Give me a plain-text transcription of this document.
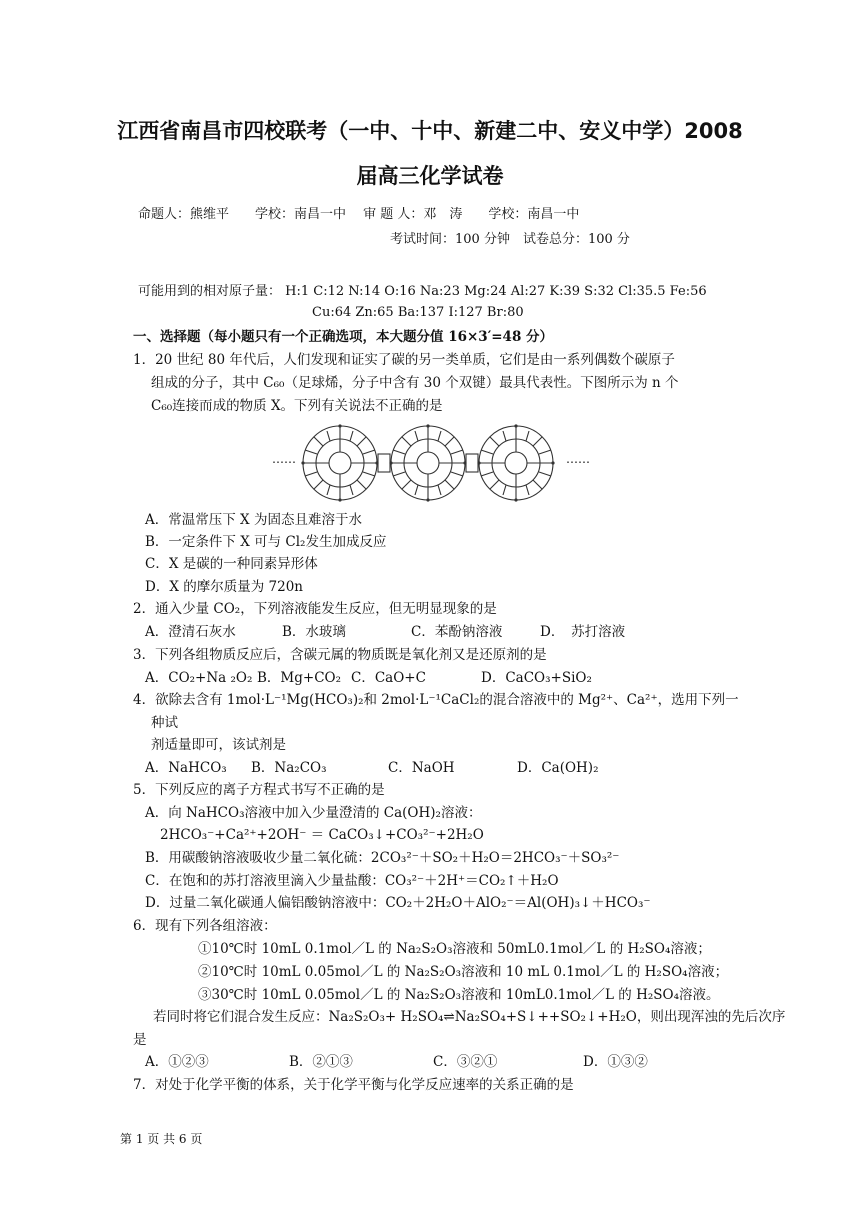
江西省南昌市四校联考（一中、十中、新建二中、安义中学）2008
届高三化学试卷
命题人：熊维平　　学校：南昌一中　 审 题 人：邓　涛　　学校：南昌一中
考试时间：100 分钟　试卷总分：100 分
可能用到的相对原子量： H:1 C:12 N:14 O:16 Na:23 Mg:24 Al:27 K:39 S:32 Cl:35.5 Fe:56
Cu:64 Zn:65 Ba:137 I:127 Br:80
一、选择题（每小题只有一个正确选项，本大题分值 16×3′=48 分）
1．20 世纪 80 年代后，人们发现和证实了碳的另一类单质，它们是由一系列偶数个碳原子
组成的分子，其中 C₆₀（足球烯，分子中含有 30 个双键）最具代表性。下图所示为 n 个
C₆₀连接而成的物质 X。下列有关说法不正确的是
……	……
A．常温常压下 X 为固态且难溶于水
B．一定条件下 X 可与 Cl₂发生加成反应
C．X 是碳的一种同素异形体
D．X 的摩尔质量为 720n
2．通入少量 CO₂，下列溶液能发生反应，但无明显现象的是
A．澄清石灰水	B．水玻璃	C．苯酚钠溶液	D．　苏打溶液
3．下列各组物质反应后，含碳元属的物质既是氧化剂又是还原剂的是
A．CO₂+Na ₂O₂ B．Mg+CO₂ C．CaO+C	D．CaCO₃+SiO₂
4．欲除去含有 1mol·L⁻¹Mg(HCO₃)₂和 2mol·L⁻¹CaCl₂的混合溶液中的 Mg²⁺、Ca²⁺，选用下列一
种试
剂适量即可，该试剂是
A．NaHCO₃ B．Na₂CO₃	C．NaOH	D．Ca(OH)₂
5．下列反应的离子方程式书写不正确的是
A．向 NaHCO₃溶液中加入少量澄清的 Ca(OH)₂溶液：
2HCO₃⁻+Ca²⁺+2OH⁻ ＝ CaCO₃↓+CO₃²⁻+2H₂O
B．用碳酸钠溶液吸收少量二氧化硫：2CO₃²⁻＋SO₂＋H₂O＝2HCO₃⁻＋SO₃²⁻
C．在饱和的苏打溶液里滴入少量盐酸：CO₃²⁻＋2H⁺＝CO₂↑＋H₂O
D．过量二氧化碳通人偏铝酸钠溶液中：CO₂＋2H₂O＋AlO₂⁻＝Al(OH)₃↓＋HCO₃⁻
6．现有下列各组溶液：
①10℃时 10mL 0.1mol／L 的 Na₂S₂O₃溶液和 50mL0.1mol／L 的 H₂SO₄溶液；
②10℃时 10mL 0.05mol／L 的 Na₂S₂O₃溶液和 10 mL 0.1mol／L 的 H₂SO₄溶液；
③30℃时 10mL 0.05mol／L 的 Na₂S₂O₃溶液和 10mL0.1mol／L 的 H₂SO₄溶液。
若同时将它们混合发生反应：Na₂S₂O₃+ H₂SO₄⇌Na₂SO₄+S↓++SO₂↓+H₂O，则出现浑浊的先后次序
是
A．①②③	B．②①③	C．③②①	D．①③②
7．对处于化学平衡的体系，关于化学平衡与化学反应速率的关系正确的是
第 1 页 共 6 页
